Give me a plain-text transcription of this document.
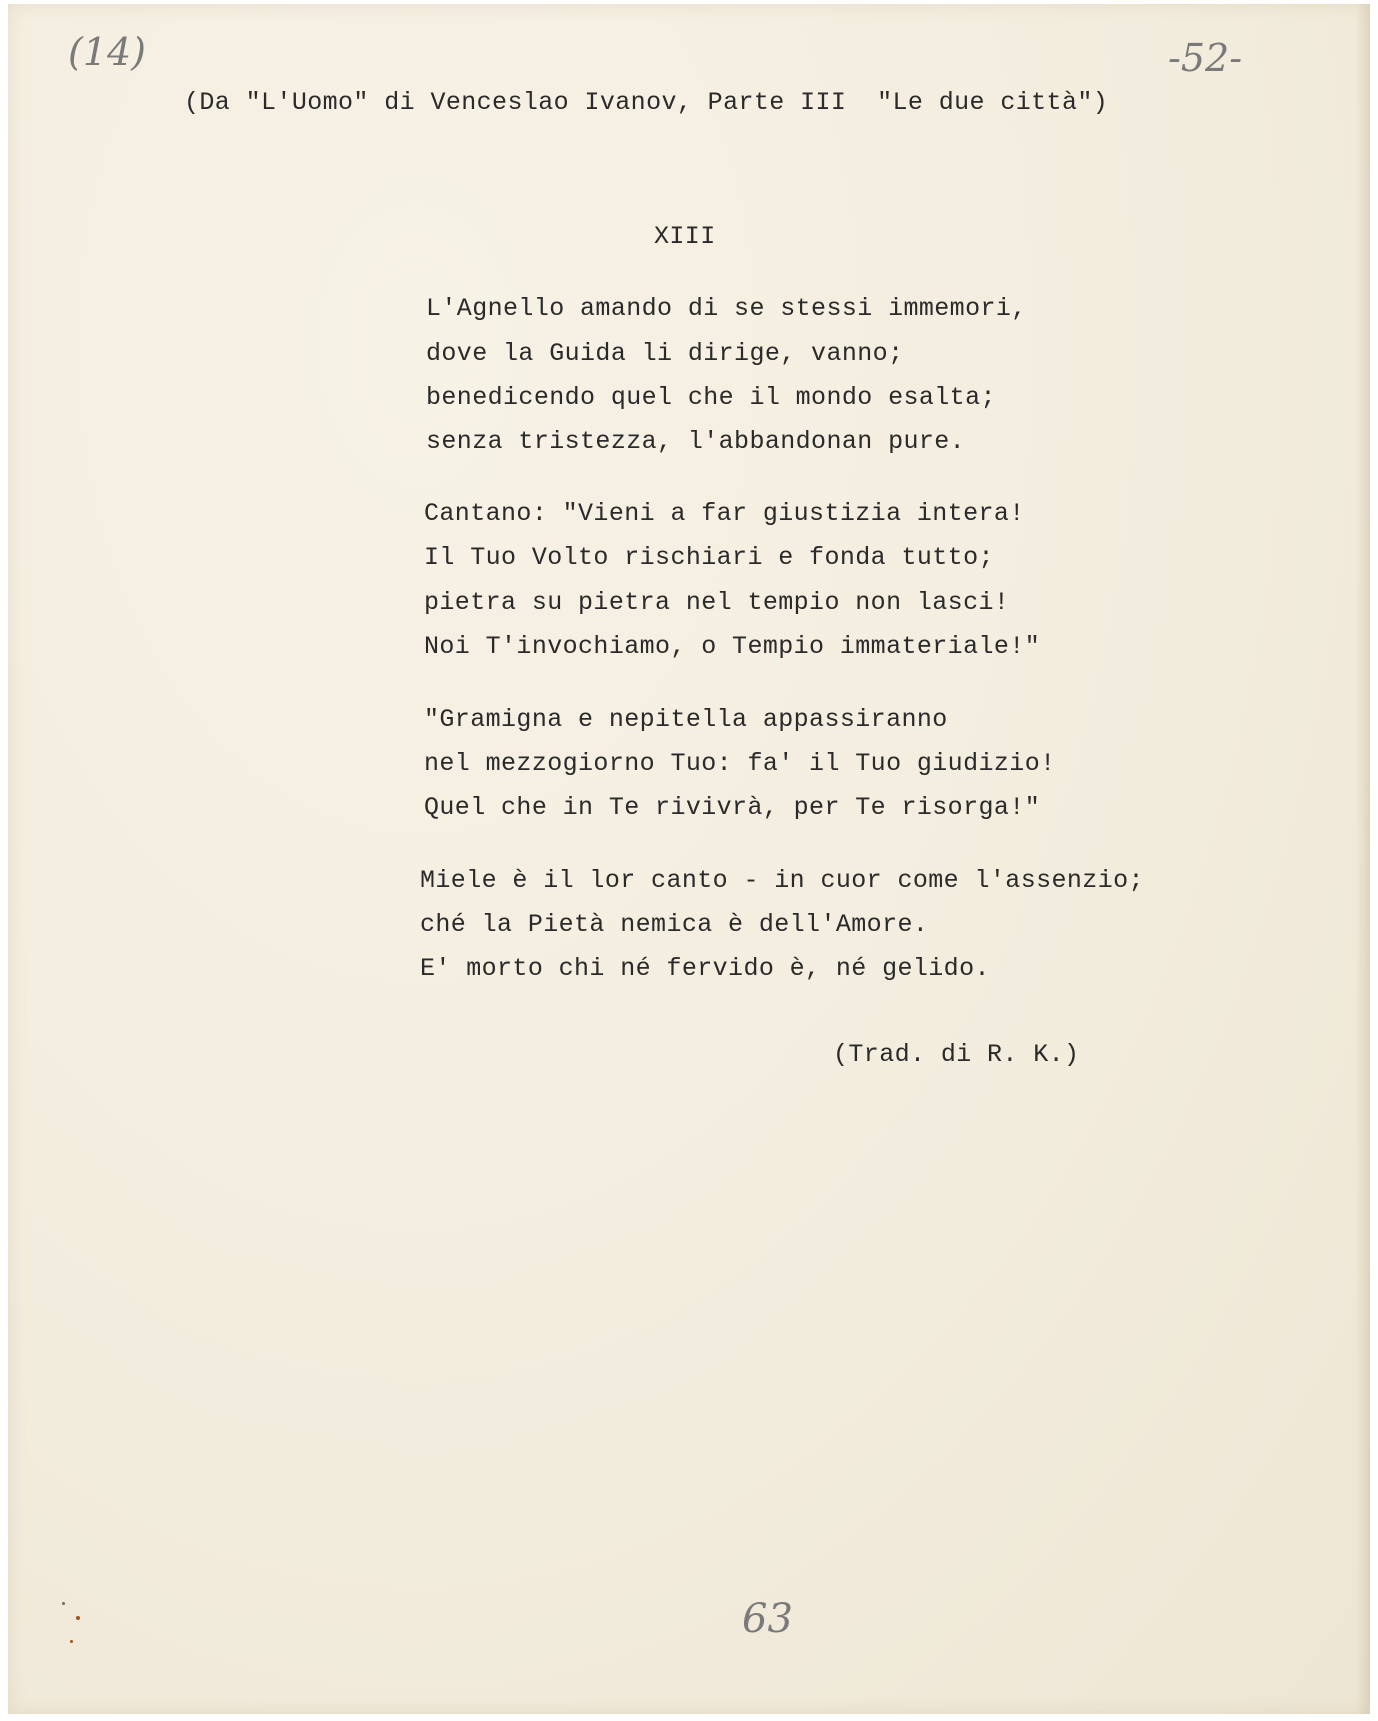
(14)	-52-
(Da "L'Uomo" di Venceslao Ivanov, Parte III  "Le due città")
XIII
L'Agnello amando di se stessi immemori,
dove la Guida li dirige, vanno;
benedicendo quel che il mondo esalta;
senza tristezza, l'abbandonan pure.
Cantano: "Vieni a far giustizia intera!
Il Tuo Volto rischiari e fonda tutto;
pietra su pietra nel tempio non lasci!
Noi T'invochiamo, o Tempio immateriale!"
"Gramigna e nepitella appassiranno
nel mezzogiorno Tuo: fa' il Tuo giudizio!
Quel che in Te rivivrà, per Te risorga!"
Miele è il lor canto - in cuor come l'assenzio;
ché la Pietà nemica è dell'Amore.
E' morto chi né fervido è, né gelido.
(Trad. di R. K.)
63
